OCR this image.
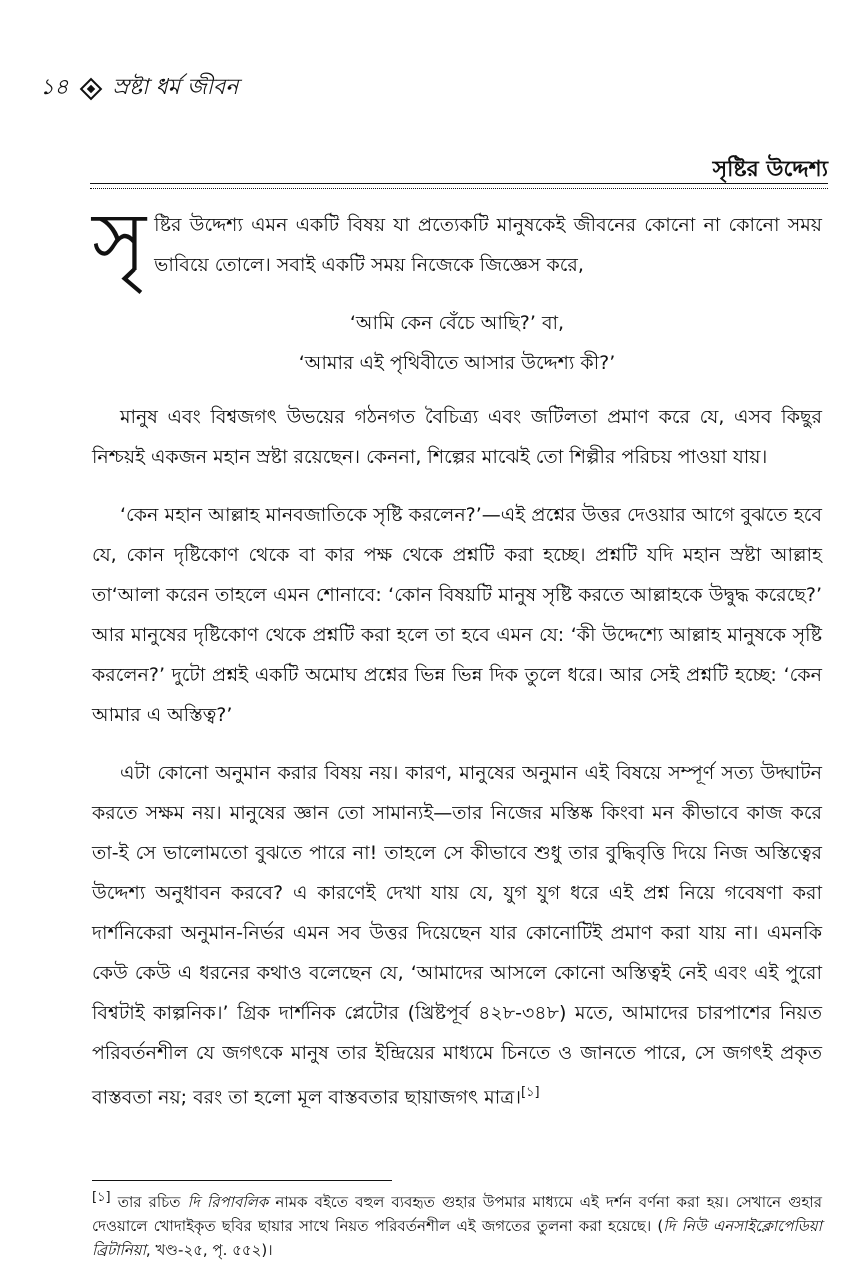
১৪ স্রষ্টা ধর্ম জীবন
সৃষ্টির উদ্দেশ্য

সৃষ্টির উদ্দেশ্য এমন একটি বিষয় যা প্রত্যেকটি মানুষকেই জীবনের কোনো না কোনো সময় ভাবিয়ে তোলে। সবাই একটি সময় নিজেকে জিজ্ঞেস করে,

‘আমি কেন বেঁচে আছি?’ বা,

‘আমার এই পৃথিবীতে আসার উদ্দেশ্য কী?’

মানুষ এবং বিশ্বজগৎ উভয়ের গঠনগত বৈচিত্র্য এবং জটিলতা প্রমাণ করে যে, এসব কিছুর নিশ্চয়ই একজন মহান স্রষ্টা রয়েছেন। কেননা, শিল্পের মাঝেই তো শিল্পীর পরিচয় পাওয়া যায়।

‘কেন মহান আল্লাহ মানবজাতিকে সৃষ্টি করলেন?’—এই প্রশ্নের উত্তর দেওয়ার আগে বুঝতে হবে যে, কোন দৃষ্টিকোণ থেকে বা কার পক্ষ থেকে প্রশ্নটি করা হচ্ছে। প্রশ্নটি যদি মহান স্রষ্টা আল্লাহ তা‘আলা করেন তাহলে এমন শোনাবে: ‘কোন বিষয়টি মানুষ সৃষ্টি করতে আল্লাহকে উদ্বুদ্ধ করেছে?’ আর মানুষের দৃষ্টিকোণ থেকে প্রশ্নটি করা হলে তা হবে এমন যে: ‘কী উদ্দেশ্যে আল্লাহ মানুষকে সৃষ্টি করলেন?’ দুটো প্রশ্নই একটি অমোঘ প্রশ্নের ভিন্ন ভিন্ন দিক তুলে ধরে। আর সেই প্রশ্নটি হচ্ছে: ‘কেন আমার এ অস্তিত্ব?’

এটা কোনো অনুমান করার বিষয় নয়। কারণ, মানুষের অনুমান এই বিষয়ে সম্পূর্ণ সত্য উদ্ঘাটন করতে সক্ষম নয়। মানুষের জ্ঞান তো সামান্যই—তার নিজের মস্তিষ্ক কিংবা মন কীভাবে কাজ করে তা-ই সে ভালোমতো বুঝতে পারে না! তাহলে সে কীভাবে শুধু তার বুদ্ধিবৃত্তি দিয়ে নিজ অস্তিত্বের উদ্দেশ্য অনুধাবন করবে? এ কারণেই দেখা যায় যে, যুগ যুগ ধরে এই প্রশ্ন নিয়ে গবেষণা করা দার্শনিকেরা অনুমান-নির্ভর এমন সব উত্তর দিয়েছেন যার কোনোটিই প্রমাণ করা যায় না। এমনকি কেউ কেউ এ ধরনের কথাও বলেছেন যে, ‘আমাদের আসলে কোনো অস্তিত্বই নেই এবং এই পুরো বিশ্বটাই কাল্পনিক।’ গ্রিক দার্শনিক প্লেটোর (খ্রিষ্টপূর্ব ৪২৮-৩৪৮) মতে, আমাদের চারপাশের নিয়ত পরিবর্তনশীল যে জগৎকে মানুষ তার ইন্দ্রিয়ের মাধ্যমে চিনতে ও জানতে পারে, সে জগৎই প্রকৃত বাস্তবতা নয়; বরং তা হলো মূল বাস্তবতার ছায়াজগৎ মাত্র।[১]

[১] তার রচিত দি রিপাবলিক নামক বইতে বহুল ব্যবহৃত গুহার উপমার মাধ্যমে এই দর্শন বর্ণনা করা হয়। সেখানে গুহার দেওয়ালে খোদাইকৃত ছবির ছায়ার সাথে নিয়ত পরিবর্তনশীল এই জগতের তুলনা করা হয়েছে। (দি নিউ এনসাইক্লোপেডিয়া ব্রিটানিয়া, খণ্ড-২৫, পৃ. ৫৫২)।
